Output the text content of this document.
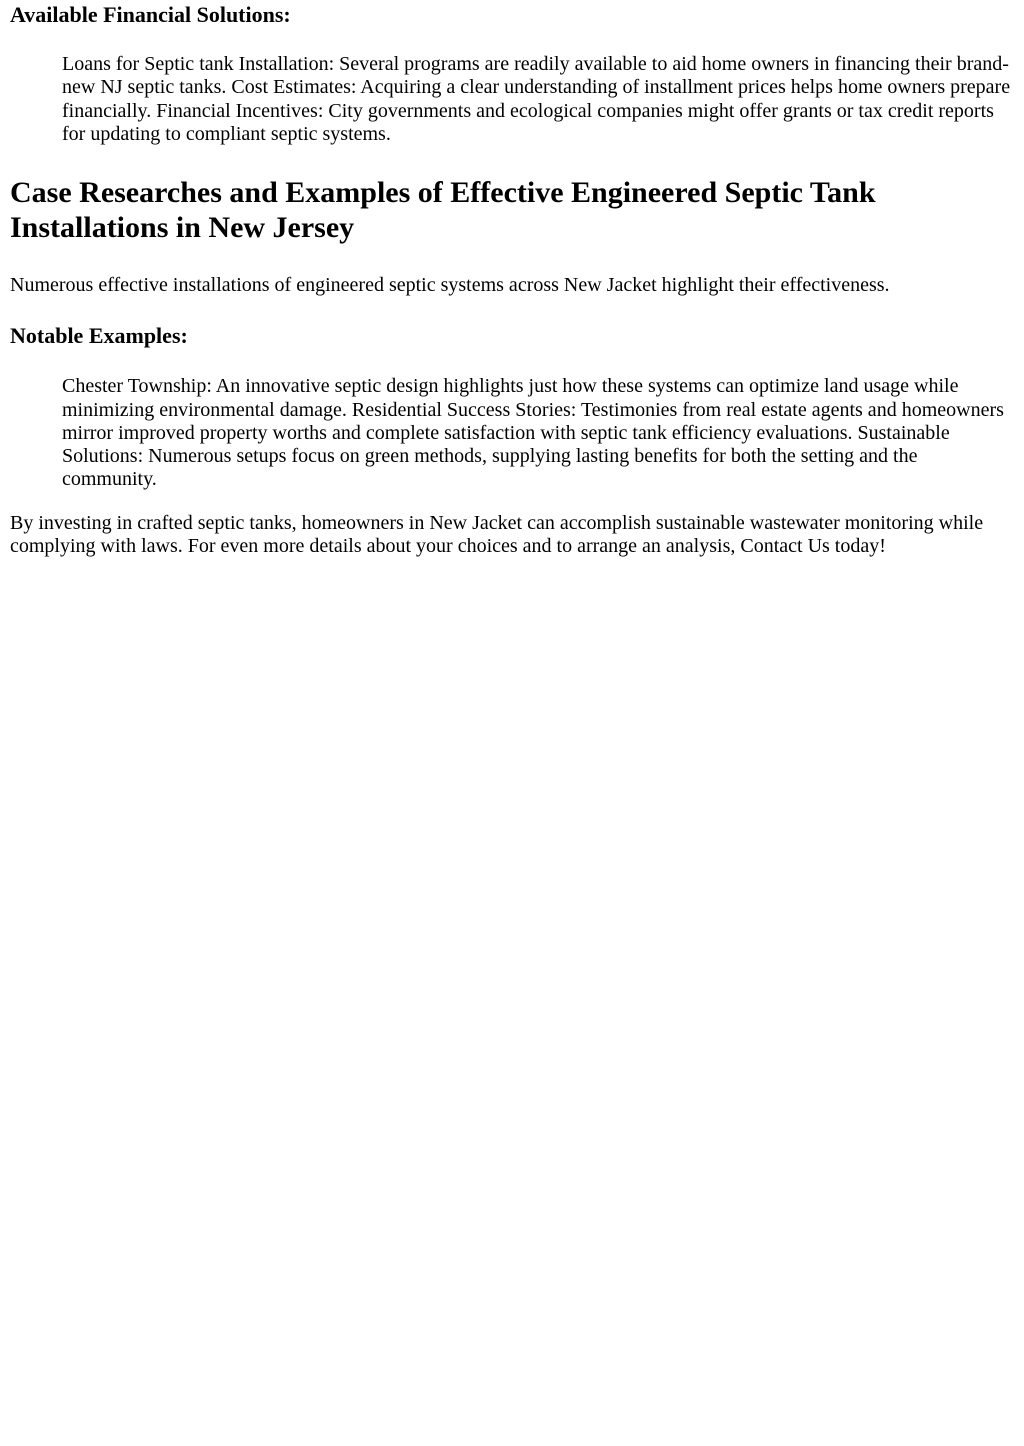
Available Financial Solutions:
Loans for Septic tank Installation: Several programs are readily available to aid home owners in financing their brand-new NJ septic tanks. Cost Estimates: Acquiring a clear understanding of installment prices helps home owners prepare financially. Financial Incentives: City governments and ecological companies might offer grants or tax credit reports for updating to compliant septic systems.
Case Researches and Examples of Effective Engineered Septic Tank Installations in New Jersey

Numerous effective installations of engineered septic systems across New Jacket highlight their effectiveness.

Notable Examples:
Chester Township: An innovative septic design highlights just how these systems can optimize land usage while minimizing environmental damage. Residential Success Stories: Testimonies from real estate agents and homeowners mirror improved property worths and complete satisfaction with septic tank efficiency evaluations. Sustainable Solutions: Numerous setups focus on green methods, supplying lasting benefits for both the setting and the community.

By investing in crafted septic tanks, homeowners in New Jacket can accomplish sustainable wastewater monitoring while complying with laws. For even more details about your choices and to arrange an analysis, Contact Us today!
